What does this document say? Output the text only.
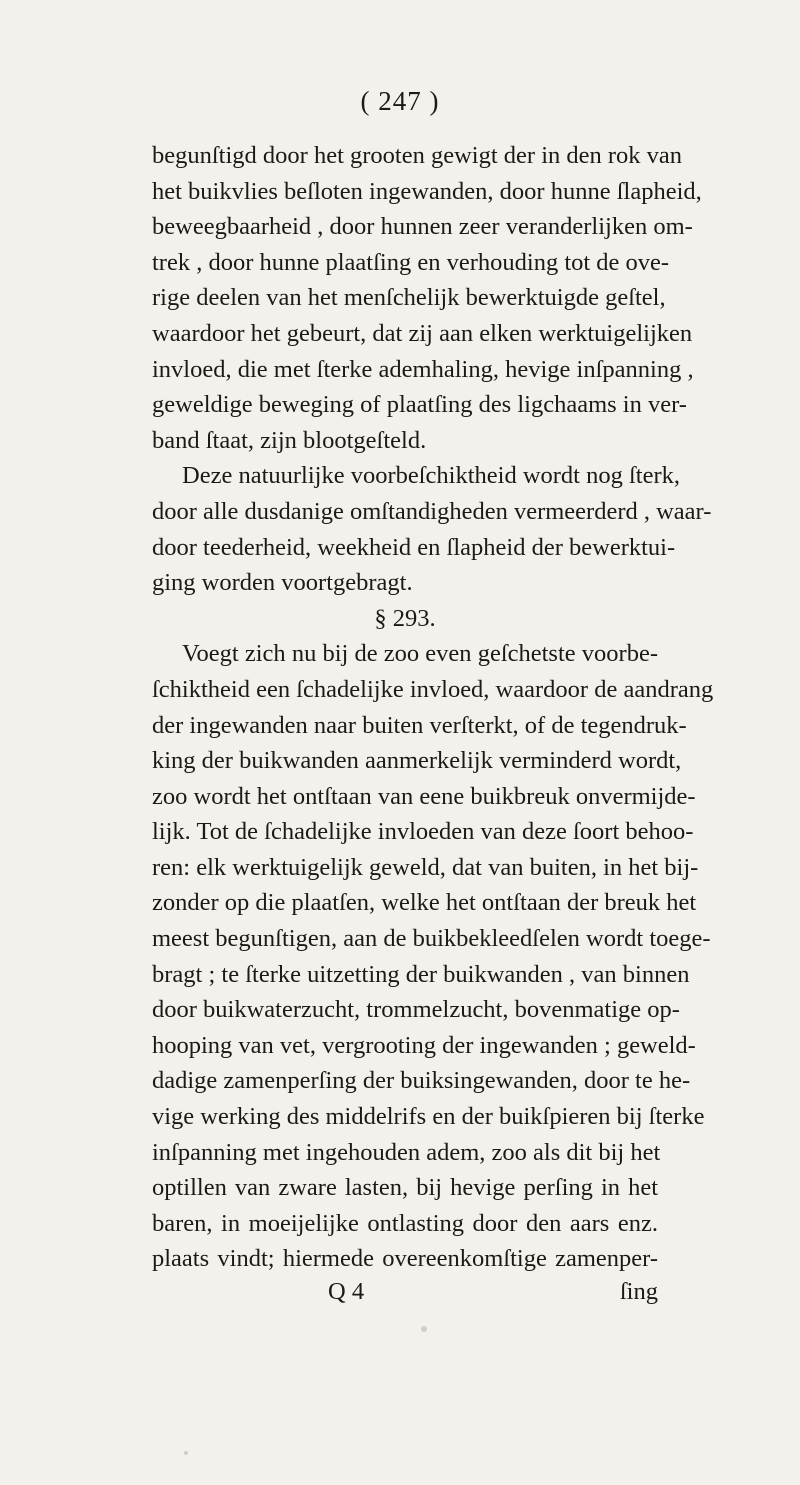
( 247 )
begunſtigd door het grooten gewigt der in den rok van
het buikvlies beſloten ingewanden, door hunne ſlapheid,
beweegbaarheid , door hunnen zeer veranderlijken om-
trek , door hunne plaatſing en verhouding tot de ove-
rige deelen van het menſchelijk bewerktuigde geſtel,
waardoor het gebeurt, dat zij aan elken werktuigelijken
invloed, die met ſterke ademhaling, hevige inſpanning ,
geweldige beweging of plaatſing des ligchaams in ver-
band ſtaat, zijn blootgeſteld.
Deze natuurlijke voorbeſchiktheid wordt nog ſterk,
door alle dusdanige omſtandigheden vermeerderd , waar-
door teederheid, weekheid en ſlapheid der bewerktui-
ging worden voortgebragt.
§ 293.
Voegt zich nu bij de zoo even geſchetste voorbe-
ſchiktheid een ſchadelijke invloed, waardoor de aandrang
der ingewanden naar buiten verſterkt, of de tegendruk-
king der buikwanden aanmerkelijk verminderd wordt,
zoo wordt het ontſtaan van eene buikbreuk onvermijde-
lijk. Tot de ſchadelijke invloeden van deze ſoort behoo-
ren: elk werktuigelijk geweld, dat van buiten, in het bij-
zonder op die plaatſen, welke het ontſtaan der breuk het
meest begunſtigen, aan de buikbekleedſelen wordt toege-
bragt ; te ſterke uitzetting der buikwanden , van binnen
door buikwaterzucht, trommelzucht, bovenmatige op-
hooping van vet, vergrooting der ingewanden ; geweld-
dadige zamenperſing der buiksingewanden, door te he-
vige werking des middelrifs en der buikſpieren bij ſterke
inſpanning met ingehouden adem, zoo als dit bij het
optillen van zware lasten, bij hevige perſing in het
baren, in moeijelijke ontlasting door den aars enz.
plaats vindt; hiermede overeenkomſtige zamenper-
Q 4	ſing
